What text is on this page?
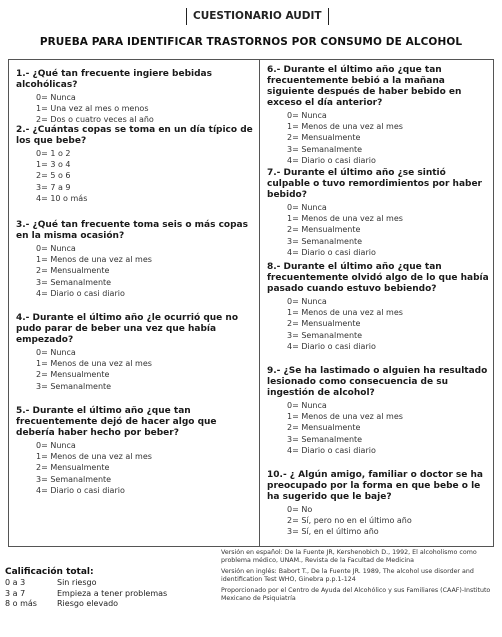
CUESTIONARIO AUDIT
PRUEBA PARA IDENTIFICAR TRASTORNOS POR CONSUMO DE ALCOHOL

1.- ¿Qué tan frecuente ingiere bebidas alcohólicas?

0= Nunca
1= Una vez al mes o menos
2= Dos o cuatro veces al año

2.- ¿Cuántas copas se toma en un día típico de los que bebe?

0= 1 o 2
1= 3 o 4
2= 5 o 6
3= 7 a 9
4= 10 o más

3.- ¿Qué tan frecuente toma seis o más copas en la misma ocasión?

0= Nunca
1= Menos de una vez al mes
2= Mensualmente
3= Semanalmente
4= Diario o casi diario

4.- Durante el último año ¿le ocurrió que no pudo parar de beber una vez que había empezado?

0= Nunca
1= Menos de una vez al mes
2= Mensualmente
3= Semanalmente

5.- Durante el último año ¿que tan frecuentemente dejó de hacer algo que debería haber hecho por beber?

0= Nunca
1= Menos de una vez al mes
2= Mensualmente
3= Semanalmente
4= Diario o casi diario

6.- Durante el último año ¿que tan frecuentemente bebió a la mañana siguiente después de haber bebido en exceso el día anterior?

0= Nunca
1= Menos de una vez al mes
2= Mensualmente
3= Semanalmente
4= Diario o casi diario

7.- Durante el último año ¿se sintió culpable o tuvo remordimientos por haber bebido?

0= Nunca
1= Menos de una vez al mes
2= Mensualmente
3= Semanalmente
4= Diario o casi diario

8.- Durante el último año ¿que tan frecuentemente olvidó algo de lo que había pasado cuando estuvo bebiendo?

0= Nunca
1= Menos de una vez al mes
2= Mensualmente
3= Semanalmente
4= Diario o casi diario

9.- ¿Se ha lastimado o alguien ha resultado lesionado como consecuencia de su ingestión de alcohol?

0= Nunca
1= Menos de una vez al mes
2= Mensualmente
3= Semanalmente
4= Diario o casi diario

10.- ¿ Algún amigo, familiar o doctor se ha preocupado por la forma en que bebe o le ha sugerido que le baje?

0= No
2= Sí, pero no en el último año
3= Sí, en el último año
Calificación total:
0 a 3	Sin riesgo
3 a 7	Empieza a tener problemas
8 o más	Riesgo elevado

Versión en español: De la Fuente JR, Kershenobich D., 1992, El alcoholismo como problema médico, UNAM., Revista de la Facultad de Medicina

Versión en inglés: Babort T., De la Fuente JR. 1989, The alcohol use disorder and identification Test WHO, Ginebra p.p.1-124

Proporcionado por el Centro de Ayuda del Alcohólico y sus Familiares (CAAF)-Instituto Mexicano de Psiquiatría
